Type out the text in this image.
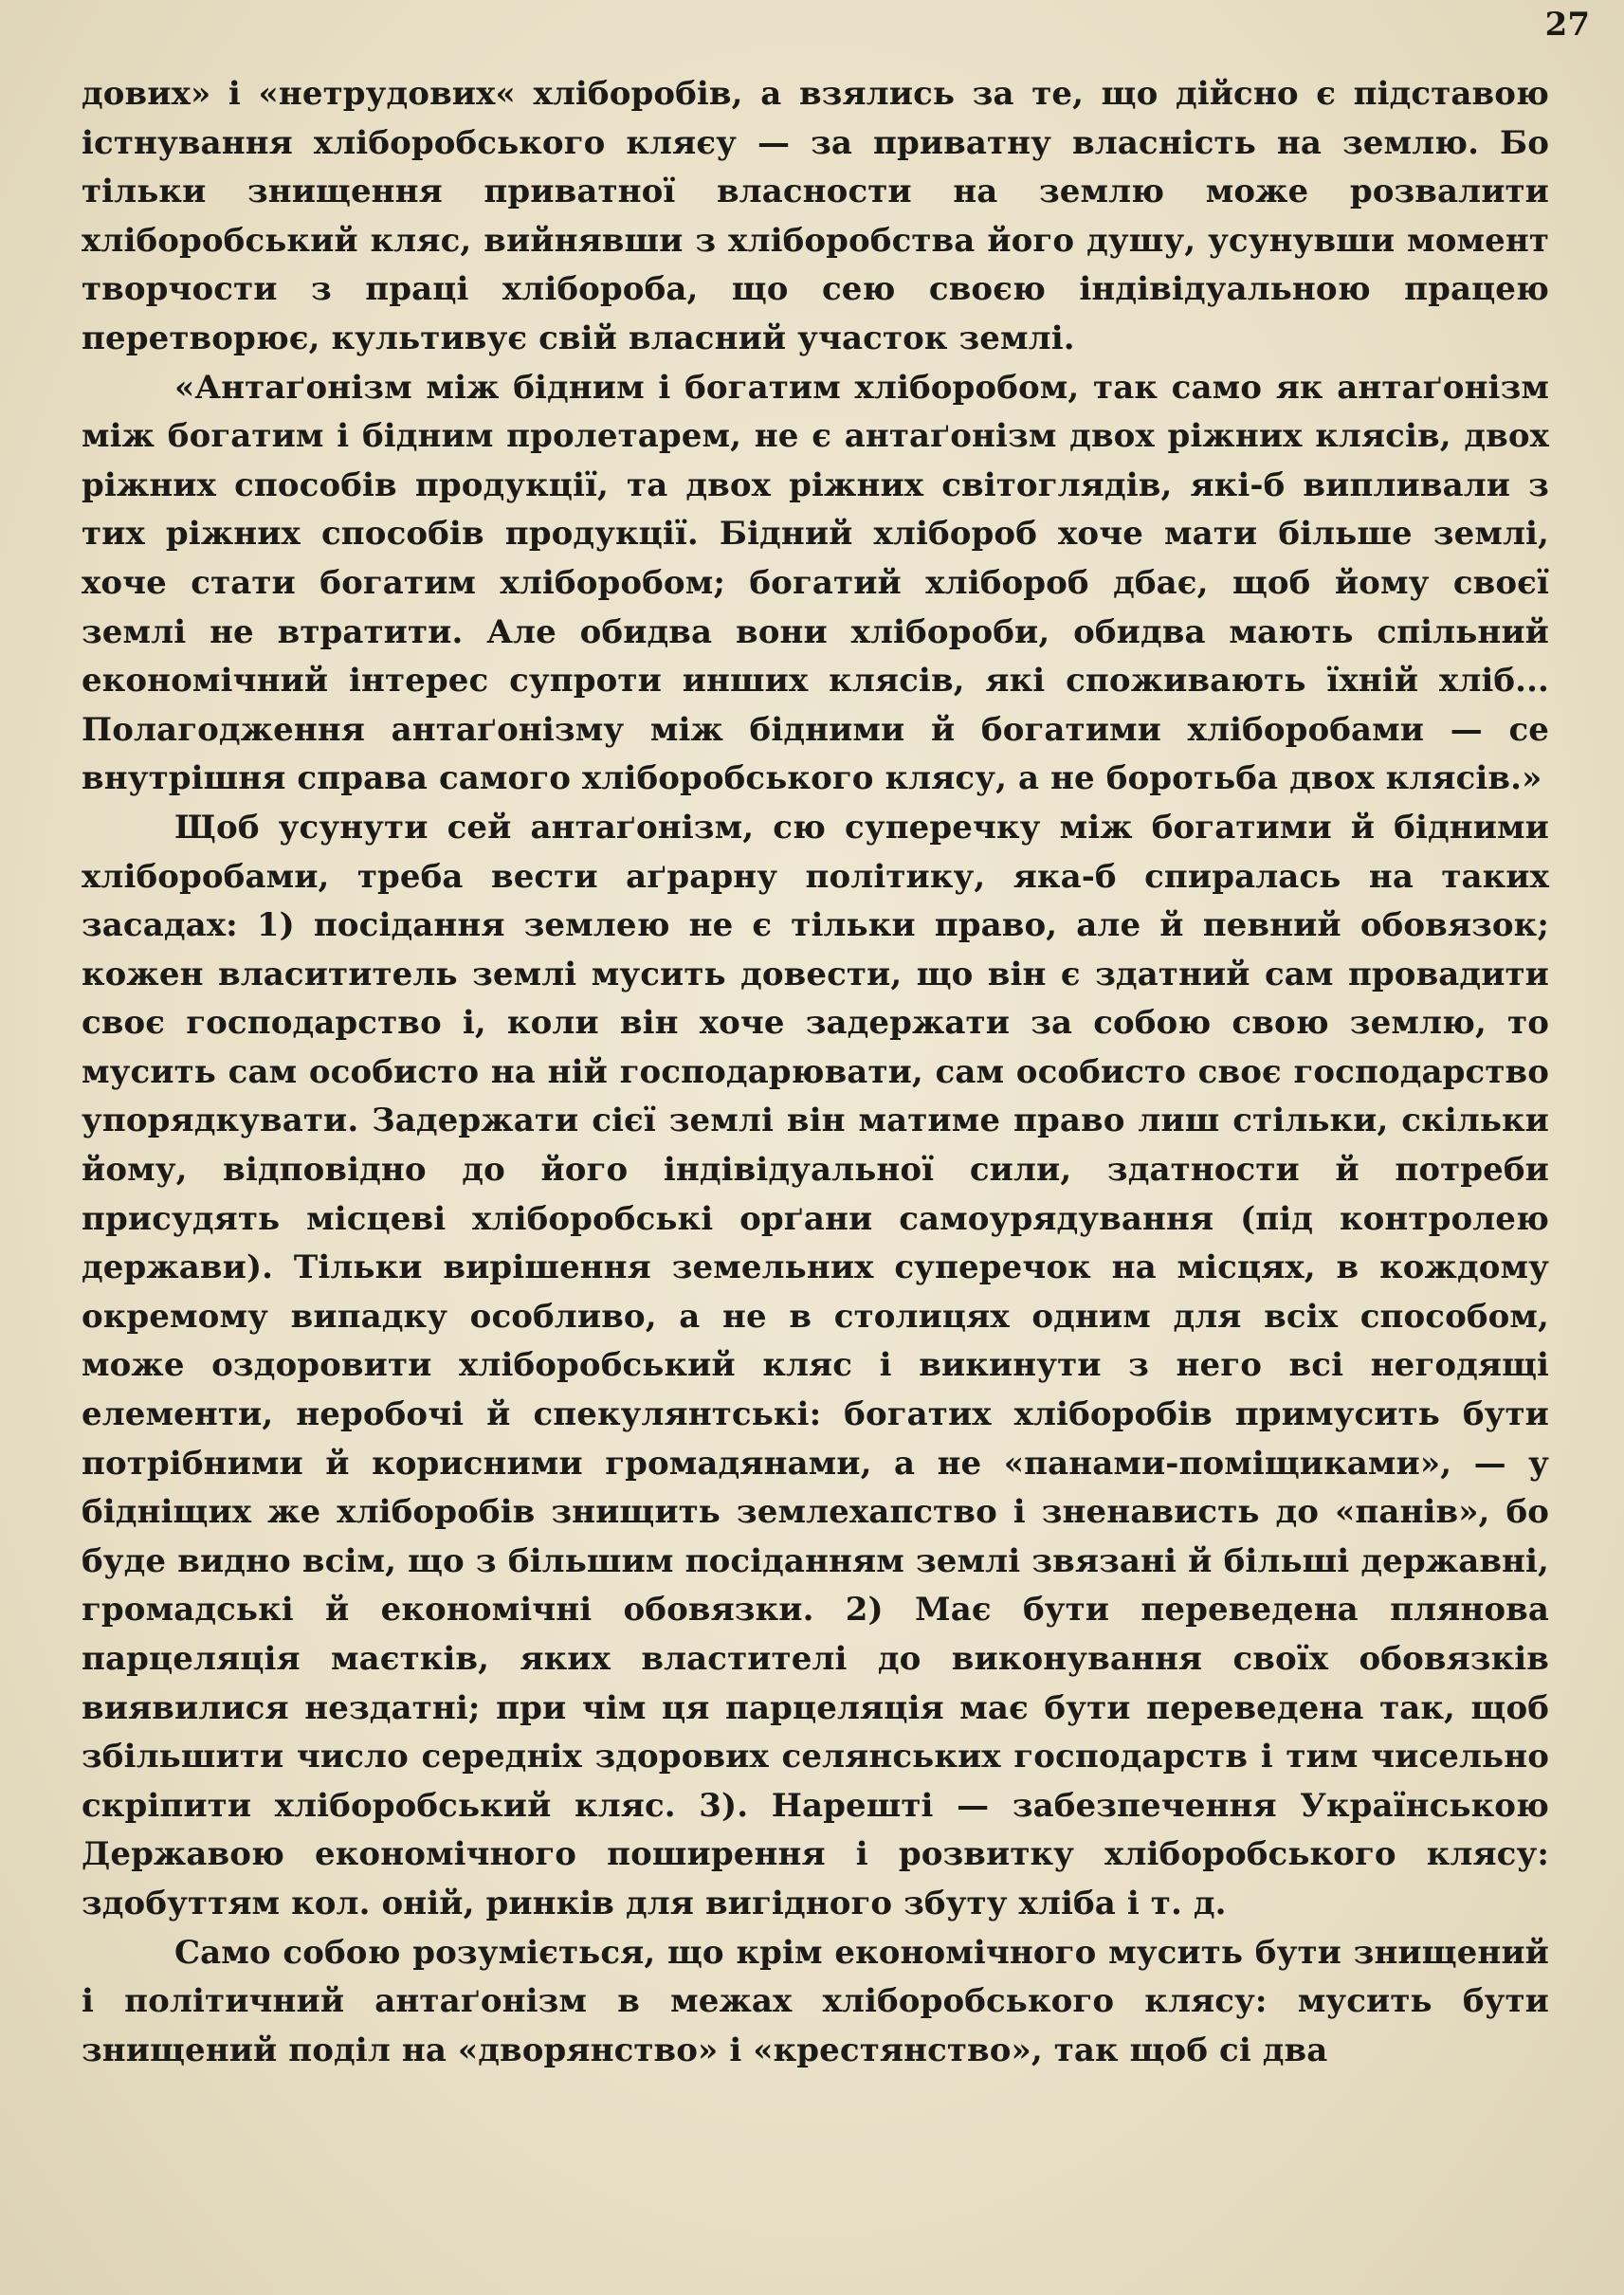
27

дових» і «нетрудових« хліборобів, а взялись за те, що дійсно є підставою істнування хліборобського кляєу — за приватну власність на землю. Бо тільки знищення приватної власности на землю може розвалити хліборобський кляс, вийнявши з хліборобства його душу, усунувши момент творчости з праці хлібороба, що сею своєю індівідуальною працею перетворює, культивує свій власний участок землі.

«Антаґонізм між бідним і богатим хліборобом, так само як антаґонізм між богатим і бідним пролетарем, не є антаґонізм двох ріжних клясів, двох ріжних способів продукції, та двох ріжних світоглядів, які-б випливали з тих ріжних способів продукції. Бідний хлібороб хоче мати більше землі, хоче стати богатим хліборобом; богатий хлібороб дбає, щоб йому своєї землі не втратити. Але обидва вони хлібороби, обидва мають спільний економічний інтерес супроти инших клясів, які споживають їхній хліб... Полагодження антаґонізму між бідними й богатими хліборобами — се внутрішня справа самого хліборобського клясу, а не боротьба двох клясів.»

Щоб усунути сей антаґонізм, сю суперечку між богатими й бідними хліборобами, треба вести аґрарну політику, яка-б спиралась на таких засадах: 1) посідання землею не є тільки право, але й певний обовязок; кожен власититель землі мусить довести, що він є здатний сам провадити своє господарство і, коли він хоче задержати за собою свою землю, то мусить сам особисто на ній господарювати, сам особисто своє господарство упорядкувати. Задержати сієї землі він матиме право лиш стільки, скільки йому, відповідно до його індівідуальної сили, здатности й потреби присудять місцеві хліборобські орґани самоурядування (під контролею держави). Тільки вирішення земельних суперечок на місцях, в кождому окремому випадку особливо, а не в столицях одним для всіх способом, може оздоровити хліборобський кляс і викинути з него всі негодящі елементи, неробочі й спекулянтські: богатих хліборобів примусить бути потрібними й корисними громадянами, а не «панами-поміщиками», — у бідніщих же хліборобів знищить землехапство і зненависть до «панів», бо буде видно всім, що з більшим посіданням землі звязані й більші державні, громадські й економічні обовязки. 2) Має бути переведена плянова парцеляція маєтків, яких властителі до виконування своїх обовязків виявилися нездатні; при чім ця парцеляція має бути переведена так, щоб збільшити число середніх здорових селянських господарств і тим чисельно скріпити хліборобський кляс. 3). Нарешті — забезпечення Українською Державою економічного поширення і розвитку хліборобського клясу: здобуттям кол. оній, ринків для вигідного збуту хліба і т. д.

Само собою розуміється, що крім економічного мусить бути знищений і політичний антаґонізм в межах хліборобського клясу: мусить бути знищений поділ на «дворянство» і «крестянство», так щоб сі два
